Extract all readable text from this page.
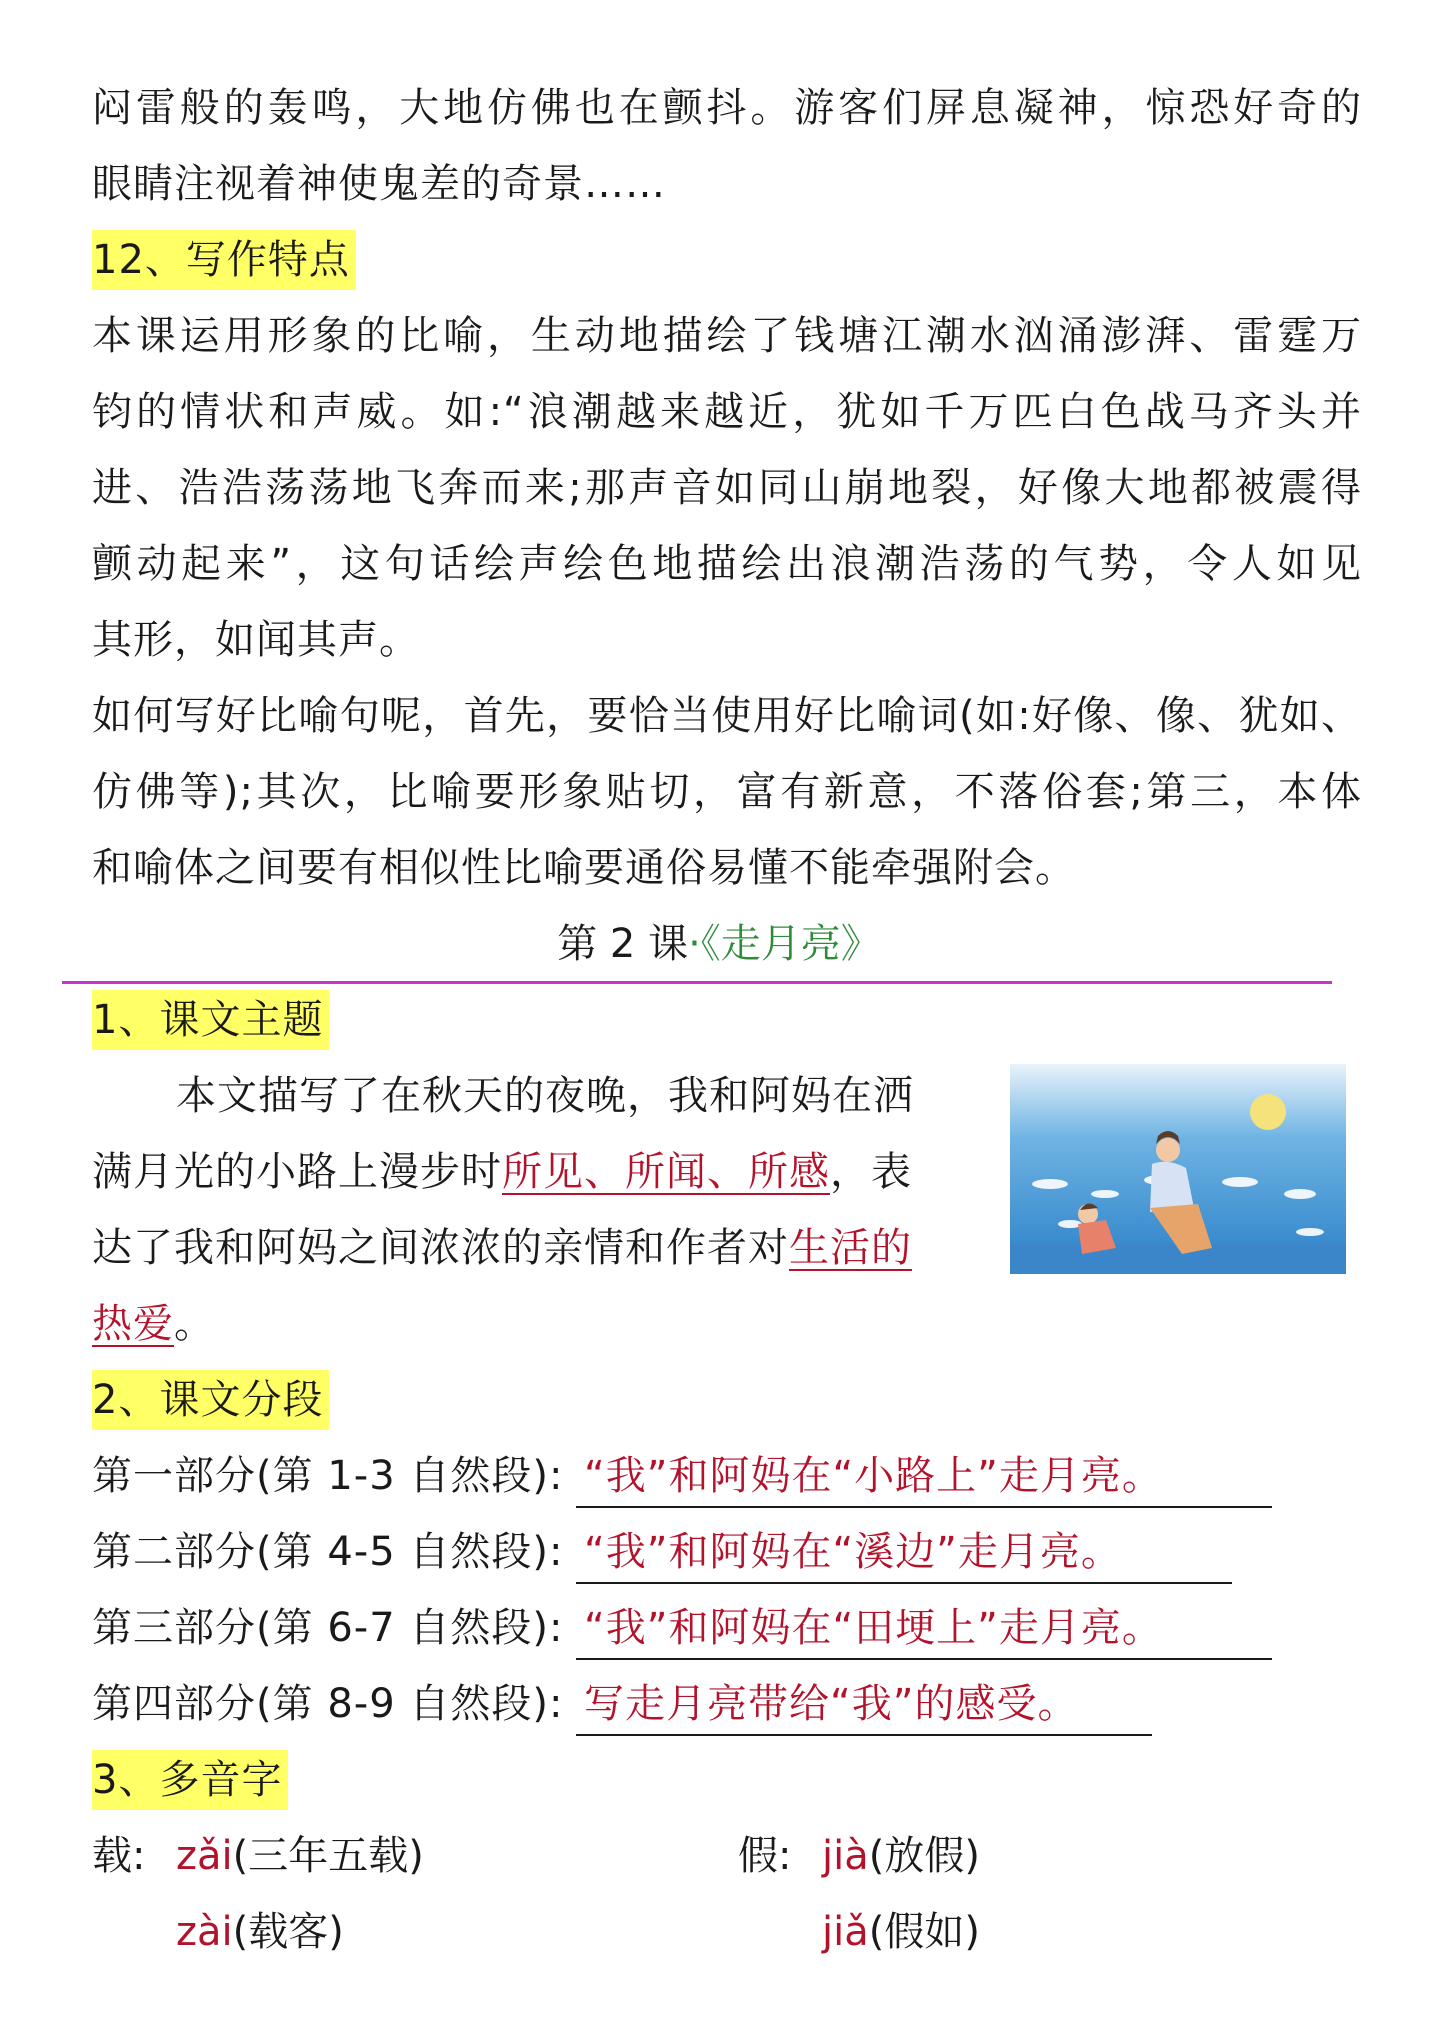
闷雷般的轰鸣，大地仿佛也在颤抖。游客们屏息凝神，惊恐好奇的
眼睛注视着神使鬼差的奇景……
12、写作特点
本课运用形象的比喻，生动地描绘了钱塘江潮水汹涌澎湃、雷霆万
钧的情状和声威。如:“浪潮越来越近，犹如千万匹白色战马齐头并
进、浩浩荡荡地飞奔而来;那声音如同山崩地裂，好像大地都被震得
颤动起来”，这句话绘声绘色地描绘出浪潮浩荡的气势，令人如见
其形，如闻其声。
如何写好比喻句呢，首先，要恰当使用好比喻词(如:好像、像、犹如、
仿佛等);其次，比喻要形象贴切，富有新意，不落俗套;第三，本体
和喻体之间要有相似性比喻要通俗易懂不能牵强附会。
第 2 课·《走月亮》
1、课文主题
本文描写了在秋天的夜晚，我和阿妈在洒
满月光的小路上漫步时所见、所闻、所感，表
达了我和阿妈之间浓浓的亲情和作者对生活的
热爱。
2、课文分段
第一部分(第 1-3 自然段): “我”和阿妈在“小路上”走月亮。
第二部分(第 4-5 自然段): “我”和阿妈在“溪边”走月亮。
第三部分(第 6-7 自然段): “我”和阿妈在“田埂上”走月亮。
第四部分(第 8-9 自然段): 写走月亮带给“我”的感受。
3、多音字
载: zǎi(三年五载)
zài(载客)
假: jià(放假)
jiǎ(假如)
